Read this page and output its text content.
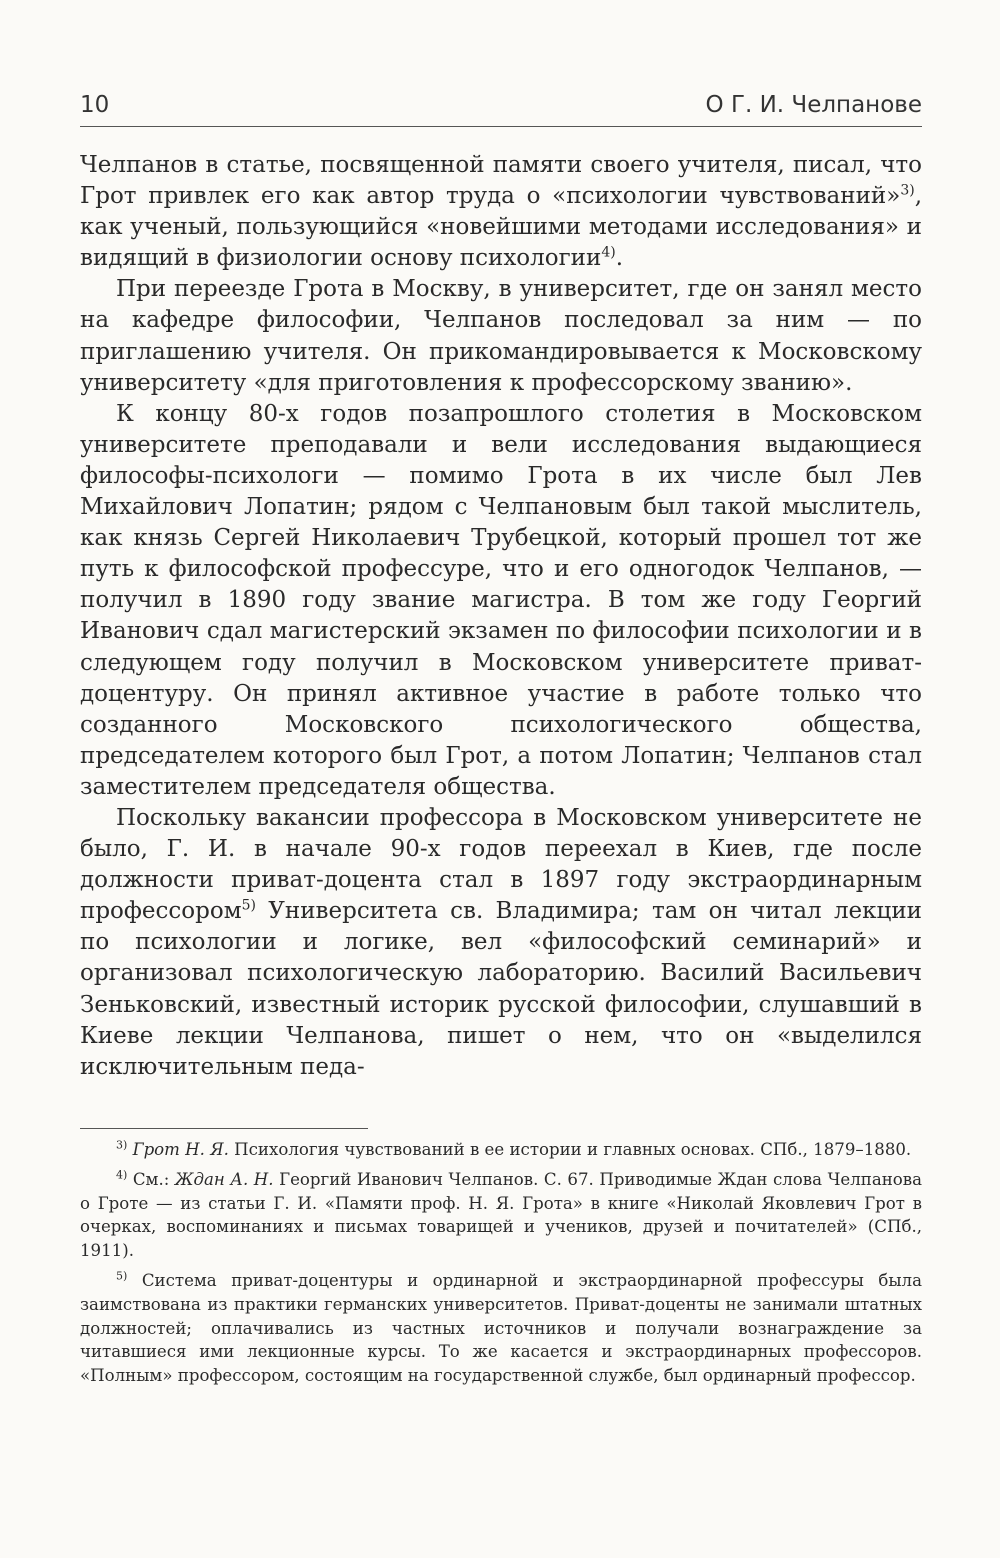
10	О Г. И. Челпанове

Челпанов в статье, посвященной памяти своего учителя, писал, что Грот привлек его как автор труда о «психологии чувствований»$^{3)}$, как ученый, пользующийся «новейшими методами исследования» и видящий в физиологии основу психологии$^{4)}$.

При переезде Грота в Москву, в университет, где он занял место на кафедре философии, Челпанов последовал за ним — по приглашению учителя. Он прикомандировывается к Московскому университету «для приготовления к профессорскому званию».

К концу 80-х годов позапрошлого столетия в Московском университете преподавали и вели исследования выдающиеся философы-психологи — помимо Грота в их числе был Лев Михайлович Лопатин; рядом с Челпановым был такой мыслитель, как князь Сергей Николаевич Трубецкой, который прошел тот же путь к философской профессуре, что и его одногодок Челпанов, — получил в 1890 году звание магистра. В том же году Георгий Иванович сдал магистерский экзамен по философии психологии и в следующем году получил в Московском университете приват-доцентуру. Он принял активное участие в работе только что созданного Московского психологического общества, председателем которого был Грот, а потом Лопатин; Челпанов стал заместителем председателя общества.

Поскольку вакансии профессора в Московском университете не было, Г. И. в начале 90-х годов переехал в Киев, где после должности приват-доцента стал в 1897 году экстраординарным профессором$^{5)}$ Университета св. Владимира; там он читал лекции по психологии и логике, вел «философский семинарий» и организовал психологическую лабораторию. Василий Васильевич Зеньковский, известный историк русской философии, слушавший в Киеве лекции Челпанова, пишет о нем, что он «выделился исключительным педа-

$^{3)}$ Грот Н. Я. Психология чувствований в ее истории и главных основах. СПб., 1879–1880.

$^{4)}$ См.: Ждан А. Н. Георгий Иванович Челпанов. С. 67. Приводимые Ждан слова Челпанова о Гроте — из статьи Г. И. «Памяти проф. Н. Я. Грота» в книге «Николай Яковлевич Грот в очерках, воспоминаниях и письмах товарищей и учеников, друзей и почитателей» (СПб., 1911).

$^{5)}$ Система приват-доцентуры и ординарной и экстраординарной профессуры была заимствована из практики германских университетов. Приват-доценты не занимали штатных должностей; оплачивались из частных источников и получали вознаграждение за читавшиеся ими лекционные курсы. То же касается и экстраординарных профессоров. «Полным» профессором, состоящим на государственной службе, был ординарный профессор.
